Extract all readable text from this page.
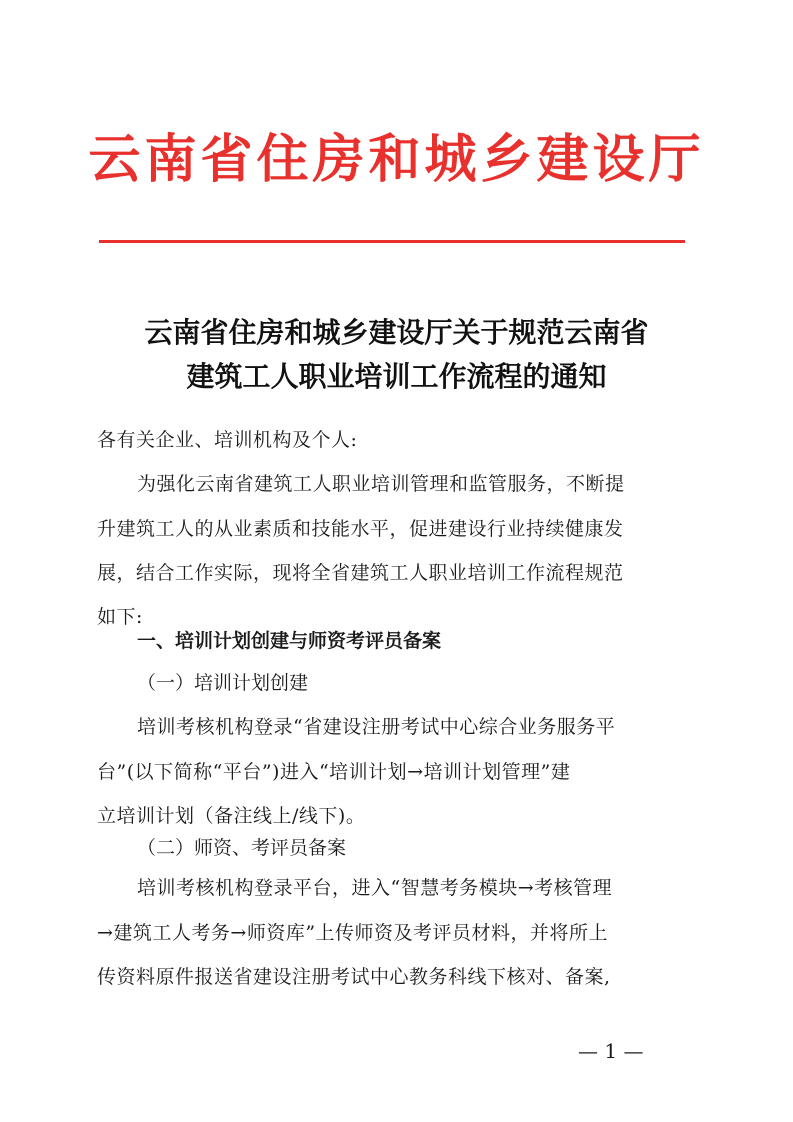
云南省住房和城乡建设厅
云南省住房和城乡建设厅关于规范云南省
建筑工人职业培训工作流程的通知
各有关企业、培训机构及个人:
为强化云南省建筑工人职业培训管理和监管服务，不断提
升建筑工人的从业素质和技能水平，促进建设行业持续健康发
展，结合工作实际，现将全省建筑工人职业培训工作流程规范
如下:
一、培训计划创建与师资考评员备案
（一）培训计划创建
培训考核机构登录“省建设注册考试中心综合业务服务平
台”(以下简称“平台”)进入“培训计划→培训计划管理”建
立培训计划（备注线上/线下)。
（二）师资、考评员备案
培训考核机构登录平台，进入“智慧考务模块→考核管理
→建筑工人考务→师资库”上传师资及考评员材料，并将所上
传资料原件报送省建设注册考试中心教务科线下核对、备案,
— 1 —
